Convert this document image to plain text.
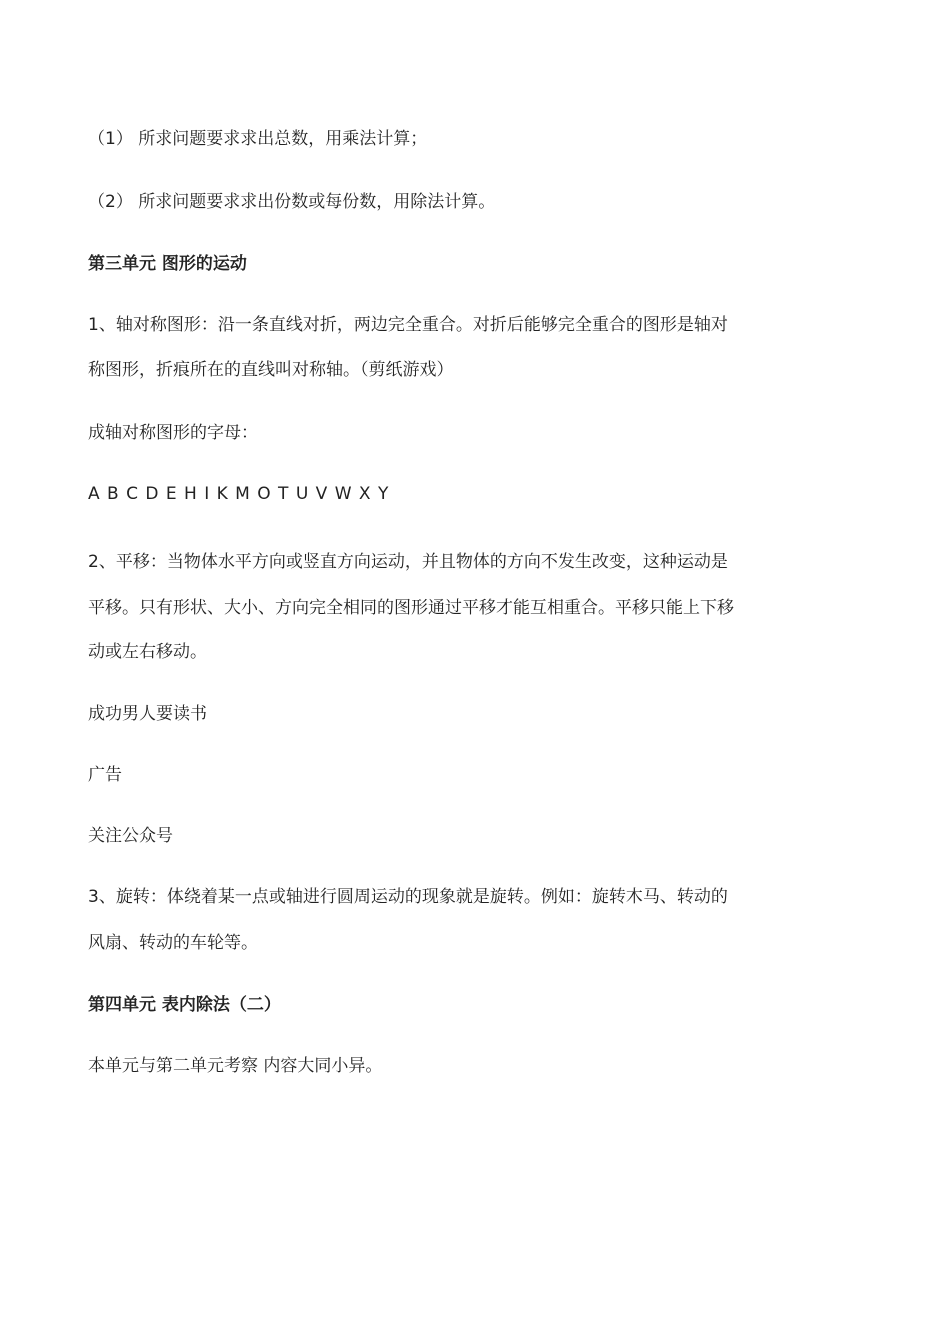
（1） 所求问题要求求出总数，用乘法计算；
（2） 所求问题要求求出份数或每份数，用除法计算。
第三单元 图形的运动
1、轴对称图形：沿一条直线对折，两边完全重合。对折后能够完全重合的图形是轴对
称图形，折痕所在的直线叫对称轴。（剪纸游戏）
成轴对称图形的字母：
A B C D E H I K M O T U V W X Y
2、平移：当物体水平方向或竖直方向运动，并且物体的方向不发生改变，这种运动是
平移。只有形状、大小、方向完全相同的图形通过平移才能互相重合。平移只能上下移
动或左右移动。
成功男人要读书
广告
关注公众号
3、旋转：体绕着某一点或轴进行圆周运动的现象就是旋转。例如：旋转木马、转动的
风扇、转动的车轮等。
第四单元 表内除法（二）
本单元与第二单元考察 内容大同小异。
